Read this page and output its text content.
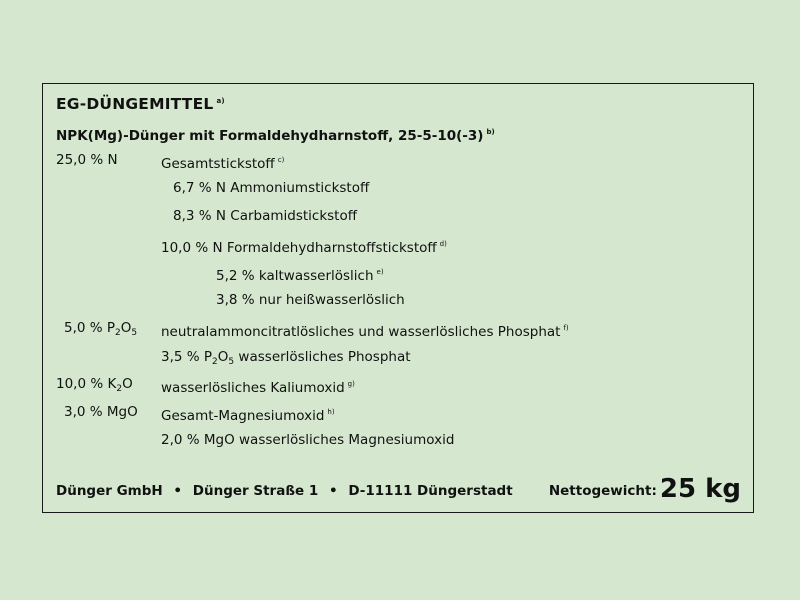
EG-DÜNGEMITTEL $^{a)}$
NPK(Mg)-Dünger mit Formaldehydharnstoff, 25-5-10(-3) $^{b)}$
25,0 % N	Gesamtstickstoff $^{c)}$
6,7 % N Ammoniumstickstoff
8,3 % N Carbamidstickstoff
10,0 % N Formaldehydharnstoffstickstoff $^{d)}$
5,2 % kaltwasserlöslich $^{e)}$
3,8 % nur heißwasserlöslich
5,0 % $P_2O_5$ neutralammoncitratlösliches und wasserlösliches Phosphat $^{f)}$
3,5 % $P_2O_5$ wasserlösliches Phosphat
10,0 % $K_2O$ wasserlösliches Kaliumoxid $^{g)}$
3,0 % MgO Gesamt-Magnesiumoxid $^{h)}$
2,0 % MgO wasserlösliches Magnesiumoxid
Dünger GmbH • Dünger Straße 1 • D-11111 Düngerstadt	Nettogewicht: 25 kg
